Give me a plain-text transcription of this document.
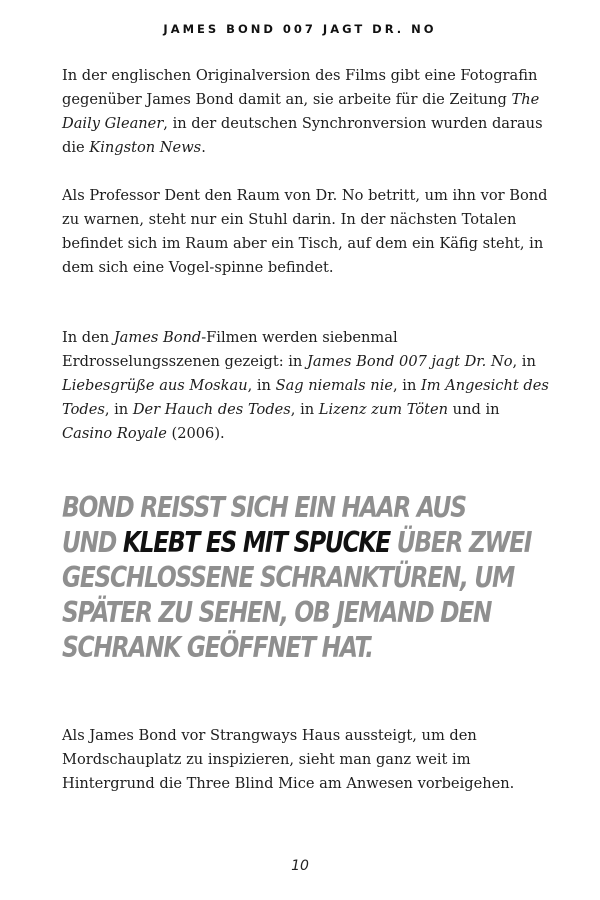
JAMES BOND 007 JAGT DR. NO

In der englischen Originalversion des Films gibt eine Fotografin gegenüber James Bond damit an, sie arbeite für die Zeitung The Daily Gleaner, in der deutschen Synchronversion wurden daraus die Kingston News.

Als Professor Dent den Raum von Dr. No betritt, um ihn vor Bond zu warnen, steht nur ein Stuhl darin. In der nächsten Totalen befindet sich im Raum aber ein Tisch, auf dem ein Käfig steht, in dem sich eine Vogel-spinne befindet.

In den James Bond-Filmen werden siebenmal Erdrosselungsszenen gezeigt: in James Bond 007 jagt Dr. No, in Liebesgrüße aus Moskau, in Sag niemals nie, in Im Angesicht des Todes, in Der Hauch des Todes, in Lizenz zum Töten und in Casino Royale (2006).

BOND REISST SICH EIN HAAR AUS
UND KLEBT ES MIT SPUCKE ÜBER ZWEI
GESCHLOSSENE SCHRANKTÜREN, UM
SPÄTER ZU SEHEN, OB JEMAND DEN
SCHRANK GEÖFFNET HAT.

Als James Bond vor Strangways Haus aussteigt, um den Mordschauplatz zu inspizieren, sieht man ganz weit im Hintergrund die Three Blind Mice am Anwesen vorbeigehen.

10
